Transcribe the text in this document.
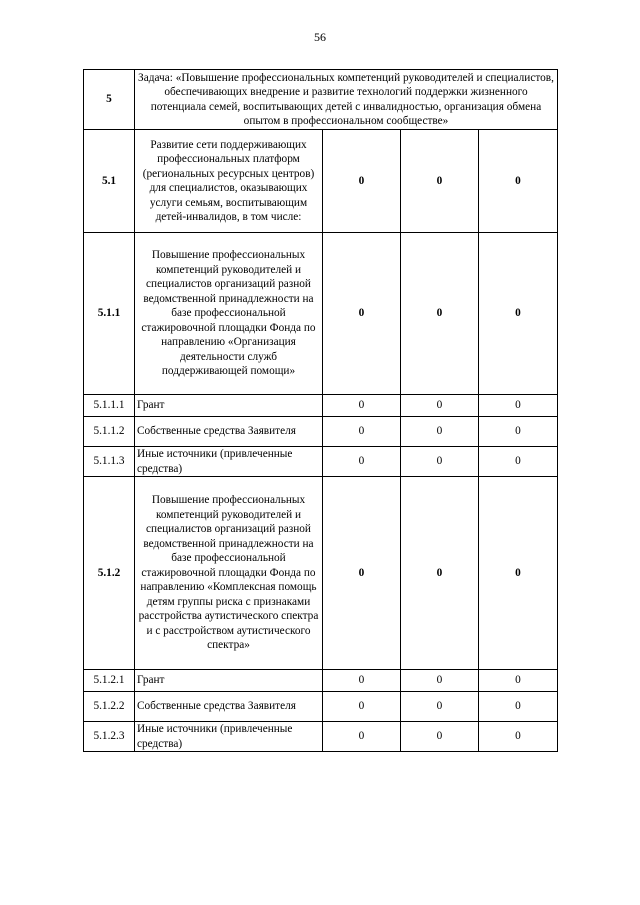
56
5	Задача: «Повышение профессиональных компетенций руководителей и специалистов, обеспечивающих внедрение и развитие технологий поддержки жизненного потенциала семей, воспитывающих детей с инвалидностью, организация обмена опытом в профессиональном сообществе»			
5.1	Развитие сети поддерживающих профессиональных платформ (региональных ресурсных центров) для специалистов, оказывающих услуги семьям, воспитывающим детей-инвалидов, в том числе:	0	0	0
5.1.1	Повышение профессиональных компетенций руководителей и специалистов организаций разной ведомственной принадлежности на базе профессиональной стажировочной площадки Фонда по направлению «Организация деятельности служб поддерживающей помощи»	0	0	0
5.1.1.1	Грант	0	0	0
5.1.1.2	Собственные средства Заявителя	0	0	0
5.1.1.3	Иные источники (привлеченные средства)	0	0	0
5.1.2	Повышение профессиональных компетенций руководителей и специалистов организаций разной ведомственной принадлежности на базе профессиональной стажировочной площадки Фонда по направлению «Комплексная помощь детям группы риска с признаками расстройства аутистического спектра и с расстройством аутистического спектра»	0	0	0
5.1.2.1	Грант	0	0	0
5.1.2.2	Собственные средства Заявителя	0	0	0
5.1.2.3	Иные источники (привлеченные средства)	0	0	0
